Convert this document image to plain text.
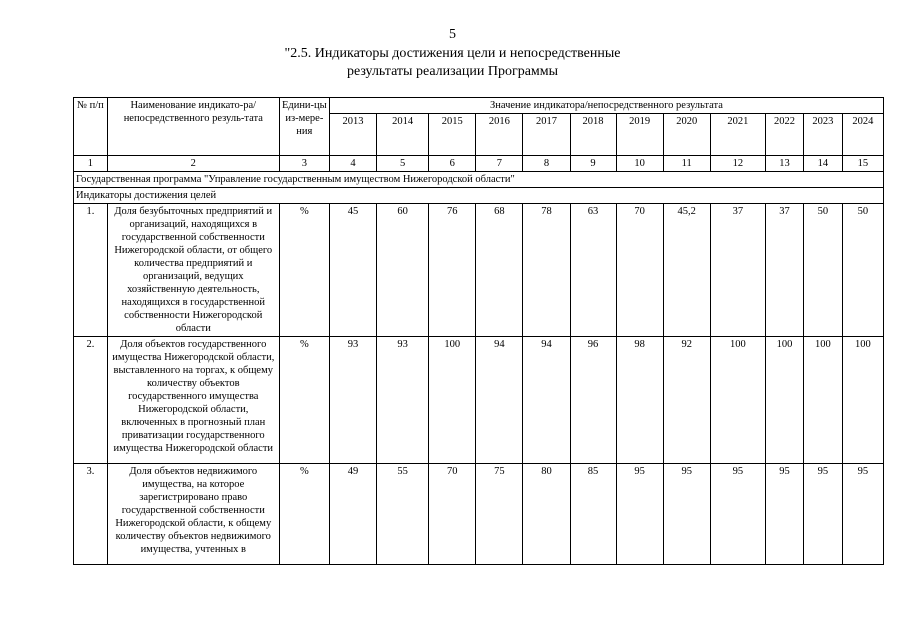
5
"2.5. Индикаторы достижения цели и непосредственные
результаты реализации Программы
№ п/п	Наименование индикато-ра/непосредственного резуль-тата	Едини-цы из-мере-ния	Значение индикатора/непосредственного результата											
			2013	2014	2015	2016	2017	2018	2019	2020	2021	2022	2023	2024
1	2	3	4	5	6	7	8	9	10	11	12	13	14	15
Государственная программа "Управление государственным имуществом Нижегородской области"														
Индикаторы достижения целей														
1.	Доля безубыточных предприятий и организаций, находящихся в государственной собственности Нижегородской области, от общего количества предприятий и организаций, ведущих хозяйственную деятельность, находящихся в государственной собственности Нижегородской области	%	45	60	76	68	78	63	70	45,2	37	37	50	50
2.	Доля объектов государственного имущества Нижегородской области, выставленного на торгах, к общему количеству объектов государственного имущества Нижегородской области, включенных в прогнозный план приватизации государственного имущества Нижегородской области	%	93	93	100	94	94	96	98	92	100	100	100	100
3.	Доля объектов недвижимого имущества, на которое зарегистрировано право государственной собственности Нижегородской области, к общему количеству объектов недвижимого имущества, учтенных в	%	49	55	70	75	80	85	95	95	95	95	95	95
